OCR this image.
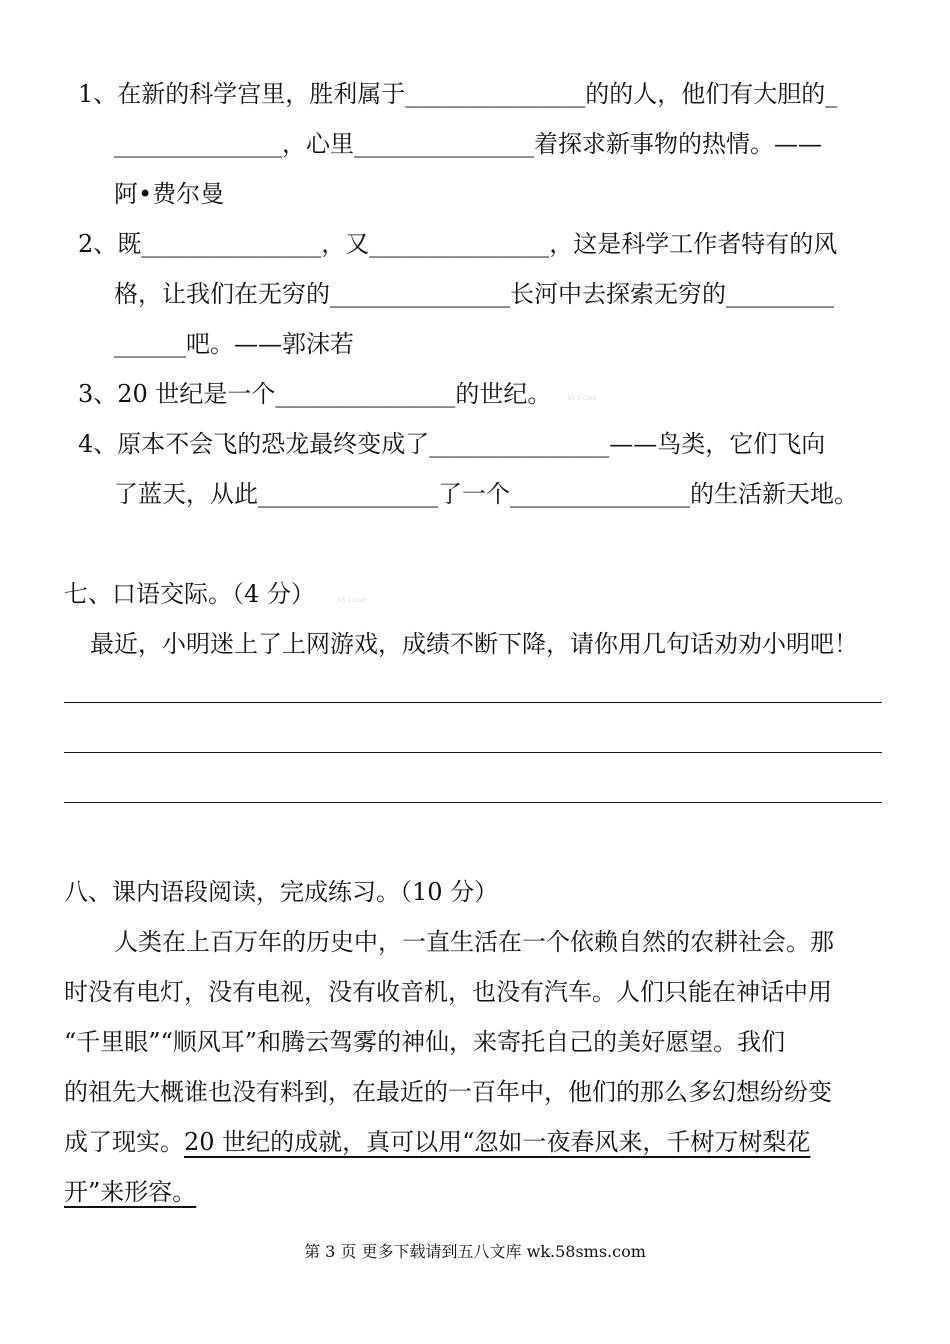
1、在新的科学宫里，胜利属于_______________的的人，他们有大胆的_
______________，心里_______________着探求新事物的热情。——
阿•费尔曼
2、既_______________，又_______________，这是科学工作者特有的风
格，让我们在无穷的_______________长河中去探索无穷的_________
______吧。——郭沫若
3、20 世纪是一个_______________的世纪。	k5 1.Com
4、原本不会飞的恐龙最终变成了_______________——鸟类，它们飞向
了蓝天，从此_______________了一个_______________的生活新天地。
七、口语交际。（4 分）	k5 1.Com
最近，小明迷上了上网游戏，成绩不断下降，请你用几句话劝劝小明吧！
八、课内语段阅读，完成练习。（10 分）
人类在上百万年的历史中，一直生活在一个依赖自然的农耕社会。那
时没有电灯，没有电视，没有收音机，也没有汽车。人们只能在神话中用
“千里眼”“顺风耳”和腾云驾雾的神仙，来寄托自己的美好愿望。我们
的祖先大概谁也没有料到，在最近的一百年中，他们的那么多幻想纷纷变
成了现实。20 世纪的成就，真可以用“忽如一夜春风来，千树万树梨花
开”来形容。
第 3 页 更多下载请到五八文库 wk.58sms.com
